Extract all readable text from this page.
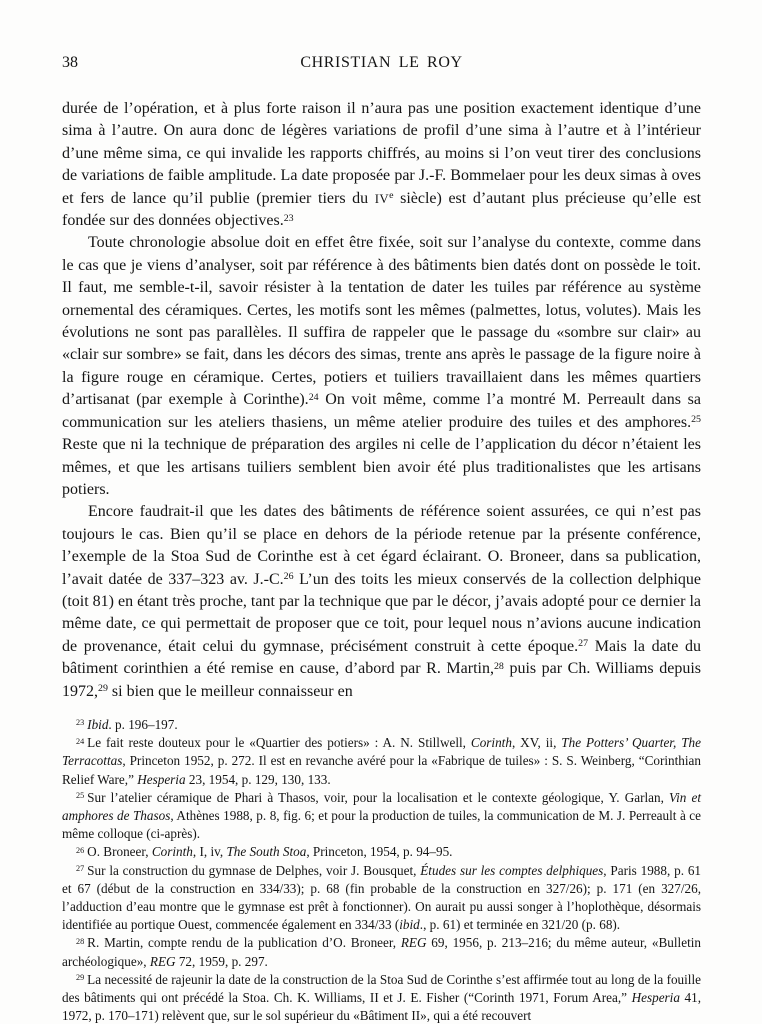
38	CHRISTIAN LE ROY

durée de l’opération, et à plus forte raison il n’aura pas une position exactement identique d’une sima à l’autre. On aura donc de légères variations de profil d’une sima à l’autre et à l’intérieur d’une même sima, ce qui invalide les rapports chiffrés, au moins si l’on veut tirer des conclusions de variations de faible amplitude. La date proposée par J.-F. Bommelaer pour les deux simas à oves et fers de lance qu’il publie (premier tiers du IVe siècle) est d’autant plus précieuse qu’elle est fondée sur des données objectives.$^{23}$

Toute chronologie absolue doit en effet être fixée, soit sur l’analyse du contexte, comme dans le cas que je viens d’analyser, soit par référence à des bâtiments bien datés dont on possède le toit. Il faut, me semble-t-il, savoir résister à la tentation de dater les tuiles par référence au système ornemental des céramiques. Certes, les motifs sont les mêmes (palmettes, lotus, volutes). Mais les évolutions ne sont pas parallèles. Il suffira de rappeler que le passage du «sombre sur clair» au «clair sur sombre» se fait, dans les décors des simas, trente ans après le passage de la figure noire à la figure rouge en céramique. Certes, potiers et tuiliers travaillaient dans les mêmes quartiers d’artisanat (par exemple à Corinthe).$^{24}$ On voit même, comme l’a montré M. Perreault dans sa communication sur les ateliers thasiens, un même atelier produire des tuiles et des amphores.$^{25}$ Reste que ni la technique de préparation des argiles ni celle de l’application du décor n’étaient les mêmes, et que les artisans tuiliers semblent bien avoir été plus traditionalistes que les artisans potiers.

Encore faudrait-il que les dates des bâtiments de référence soient assurées, ce qui n’est pas toujours le cas. Bien qu’il se place en dehors de la période retenue par la présente conférence, l’exemple de la Stoa Sud de Corinthe est à cet égard éclairant. O. Broneer, dans sa publication, l’avait datée de 337–323 av. J.-C.$^{26}$ L’un des toits les mieux conservés de la collection delphique (toit 81) en étant très proche, tant par la technique que par le décor, j’avais adopté pour ce dernier la même date, ce qui permettait de proposer que ce toit, pour lequel nous n’avions aucune indication de provenance, était celui du gymnase, précisément construit à cette époque.$^{27}$ Mais la date du bâtiment corinthien a été remise en cause, d’abord par R. Martin,$^{28}$ puis par Ch. Williams depuis 1972,29 si bien que le meilleur connaisseur en

$^{23}$ Ibid. p. 196–197.

$^{24}$ Le fait reste douteux pour le «Quartier des potiers» : A. N. Stillwell, Corinth, XV, ii, The Potters’ Quarter, The Terracottas, Princeton 1952, p. 272. Il est en revanche avéré pour la «Fabrique de tuiles» : S. S. Weinberg, “Corinthian Relief Ware,” Hesperia 23, 1954, p. 129, 130, 133.

$^{25}$ Sur l’atelier céramique de Phari à Thasos, voir, pour la localisation et le contexte géologique, Y. Garlan, Vin et amphores de Thasos, Athènes 1988, p. 8, fig. 6; et pour la production de tuiles, la communication de M. J. Perreault à ce même colloque (ci-après).

$^{26}$ O. Broneer, Corinth, I, iv, The South Stoa, Princeton, 1954, p. 94–95.

$^{27}$ Sur la construction du gymnase de Delphes, voir J. Bousquet, Études sur les comptes delphiques, Paris 1988, p. 61 et 67 (début de la construction en 334/33); p. 68 (fin probable de la construction en 327/26); p. 171 (en 327/26, l’adduction d’eau montre que le gymnase est prêt à fonctionner). On aurait pu aussi songer à l’hoplothèque, désormais identifiée au portique Ouest, commencée également en 334/33 (ibid., p. 61) et terminée en 321/20 (p. 68).

$^{28}$ R. Martin, compte rendu de la publication d’O. Broneer, REG 69, 1956, p. 213–216; du même auteur, «Bulletin archéologique», REG 72, 1959, p. 297.

$^{29}$ La necessité de rajeunir la date de la construction de la Stoa Sud de Corinthe s’est affirmée tout au long de la fouille des bâtiments qui ont précédé la Stoa. Ch. K. Williams, II et J. E. Fisher (“Corinth 1971, Forum Area,” Hesperia 41, 1972, p. 170–171) relèvent que, sur le sol supérieur du «Bâtiment II», qui a été recouvert
